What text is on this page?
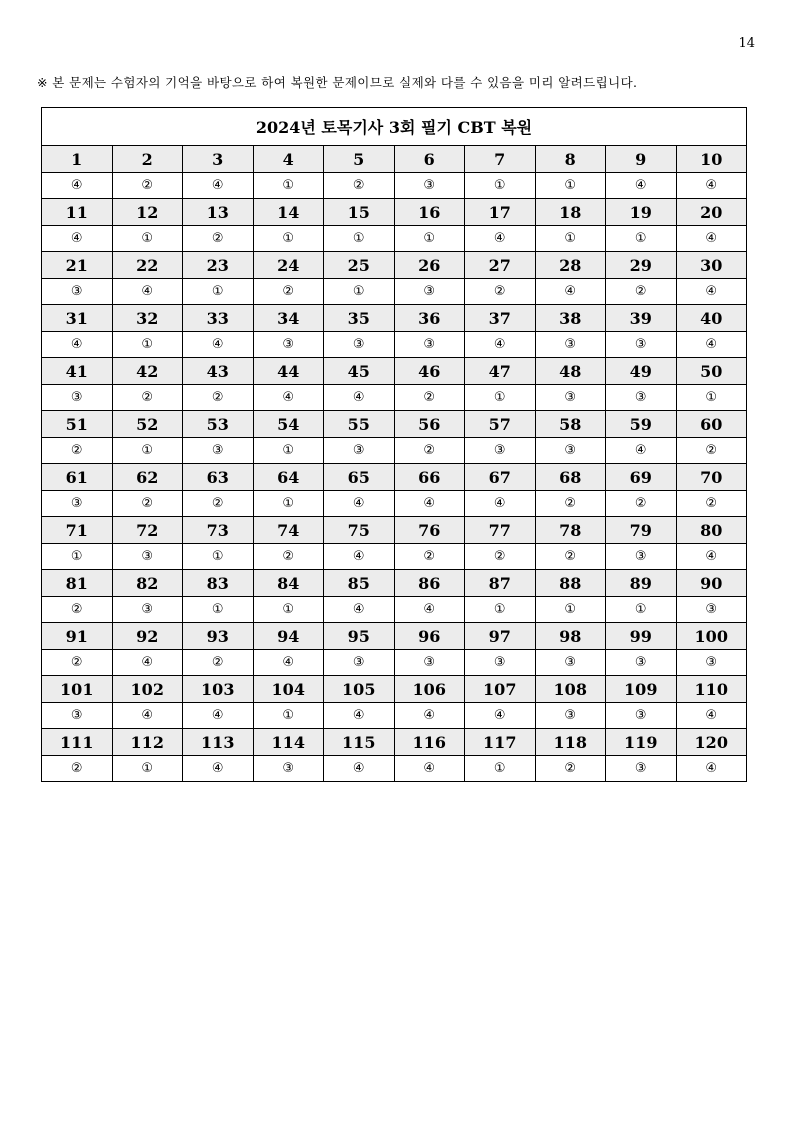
14
※ 본 문제는 수험자의 기억을 바탕으로 하여 복원한 문제이므로 실제와 다를 수 있음을 미리 알려드립니다.
2024년 토목기사 3회 필기 CBT 복원									
1	2	3	4	5	6	7	8	9	10
④	②	④	①	②	③	①	①	④	④
11	12	13	14	15	16	17	18	19	20
④	①	②	①	①	①	④	①	①	④
21	22	23	24	25	26	27	28	29	30
③	④	①	②	①	③	②	④	②	④
31	32	33	34	35	36	37	38	39	40
④	①	④	③	③	③	④	③	③	④
41	42	43	44	45	46	47	48	49	50
③	②	②	④	④	②	①	③	③	①
51	52	53	54	55	56	57	58	59	60
②	①	③	①	③	②	③	③	④	②
61	62	63	64	65	66	67	68	69	70
③	②	②	①	④	④	④	②	②	②
71	72	73	74	75	76	77	78	79	80
①	③	①	②	④	②	②	②	③	④
81	82	83	84	85	86	87	88	89	90
②	③	①	①	④	④	①	①	①	③
91	92	93	94	95	96	97	98	99	100
②	④	②	④	③	③	③	③	③	③
101	102	103	104	105	106	107	108	109	110
③	④	④	①	④	④	④	③	③	④
111	112	113	114	115	116	117	118	119	120
②	①	④	③	④	④	①	②	③	④
